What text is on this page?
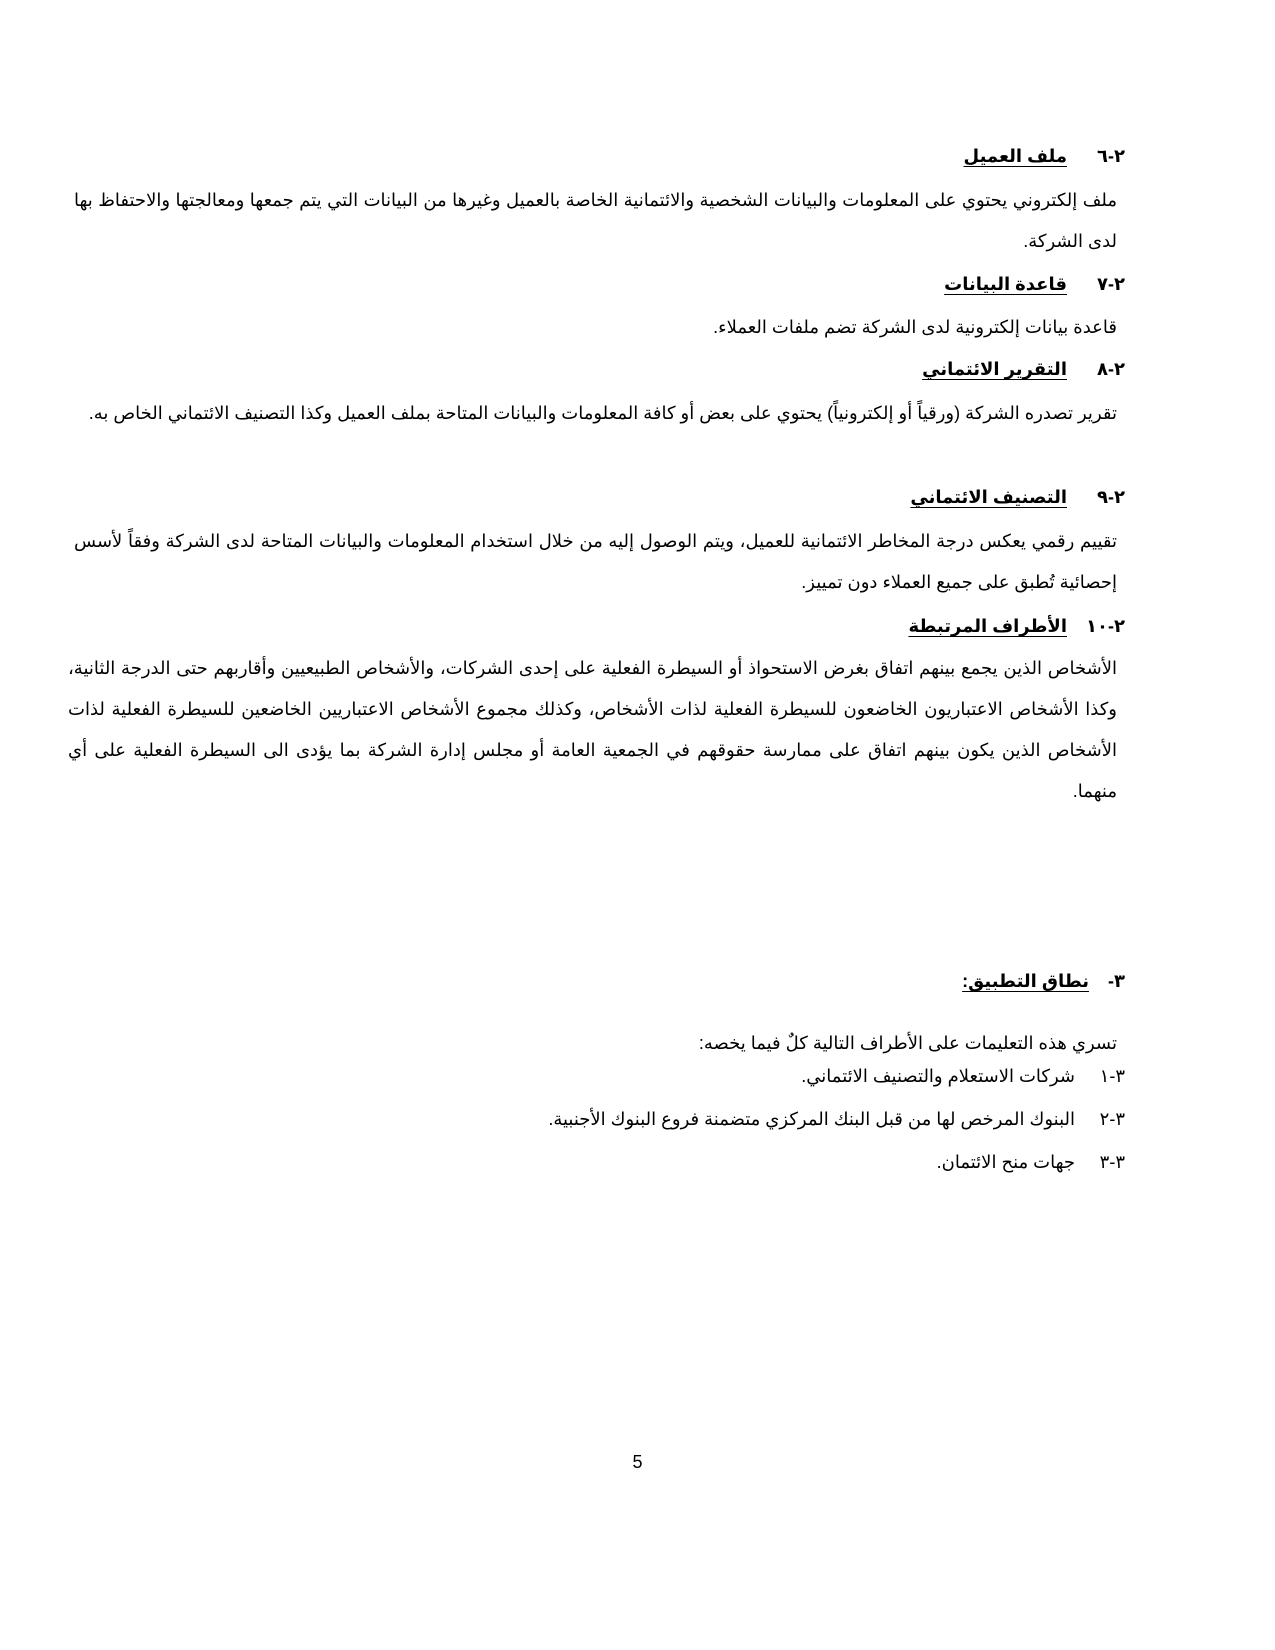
٢-٦
ملف العميل
ملف إلكتروني يحتوي على المعلومات والبيانات الشخصية والائتمانية الخاصة بالعميل وغيرها من البيانات التي يتم جمعها ومعالجتها والاحتفاظ بها لدى الشركة.
٢-٧
قاعدة البيانات
قاعدة بيانات إلكترونية لدى الشركة تضم ملفات العملاء.
٢-٨
التقرير الائتماني
تقرير تصدره الشركة (ورقياً أو إلكترونياً) يحتوي على بعض أو كافة المعلومات والبيانات المتاحة بملف العميل وكذا التصنيف الائتماني الخاص به.
٢-٩
التصنيف الائتماني
تقييم رقمي يعكس درجة المخاطر الائتمانية للعميل، ويتم الوصول إليه من خلال استخدام المعلومات والبيانات المتاحة لدى الشركة وفقاً لأسس إحصائية تُطبق على جميع العملاء دون تمييز.
٢-١٠
الأطراف المرتبطة
الأشخاص الذين يجمع بينهم اتفاق بغرض الاستحواذ أو السيطرة الفعلية على إحدى الشركات، والأشخاص الطبيعيين وأقاربهم حتى الدرجة الثانية، وكذا الأشخاص الاعتباريون الخاضعون للسيطرة الفعلية لذات الأشخاص، وكذلك مجموع الأشخاص الاعتباريين الخاضعين للسيطرة الفعلية لذات الأشخاص الذين يكون بينهم اتفاق على ممارسة حقوقهم في الجمعية العامة أو مجلس إدارة الشركة بما يؤدى الى السيطرة الفعلية على أي منهما.
٣-
نطاق التطبيق:
تسري هذه التعليمات على الأطراف التالية كلٌ فيما يخصه:
٣-١
شركات الاستعلام والتصنيف الائتماني.
٣-٢
البنوك المرخص لها من قبل البنك المركزي متضمنة فروع البنوك الأجنبية.
٣-٣
جهات منح الائتمان.
5
